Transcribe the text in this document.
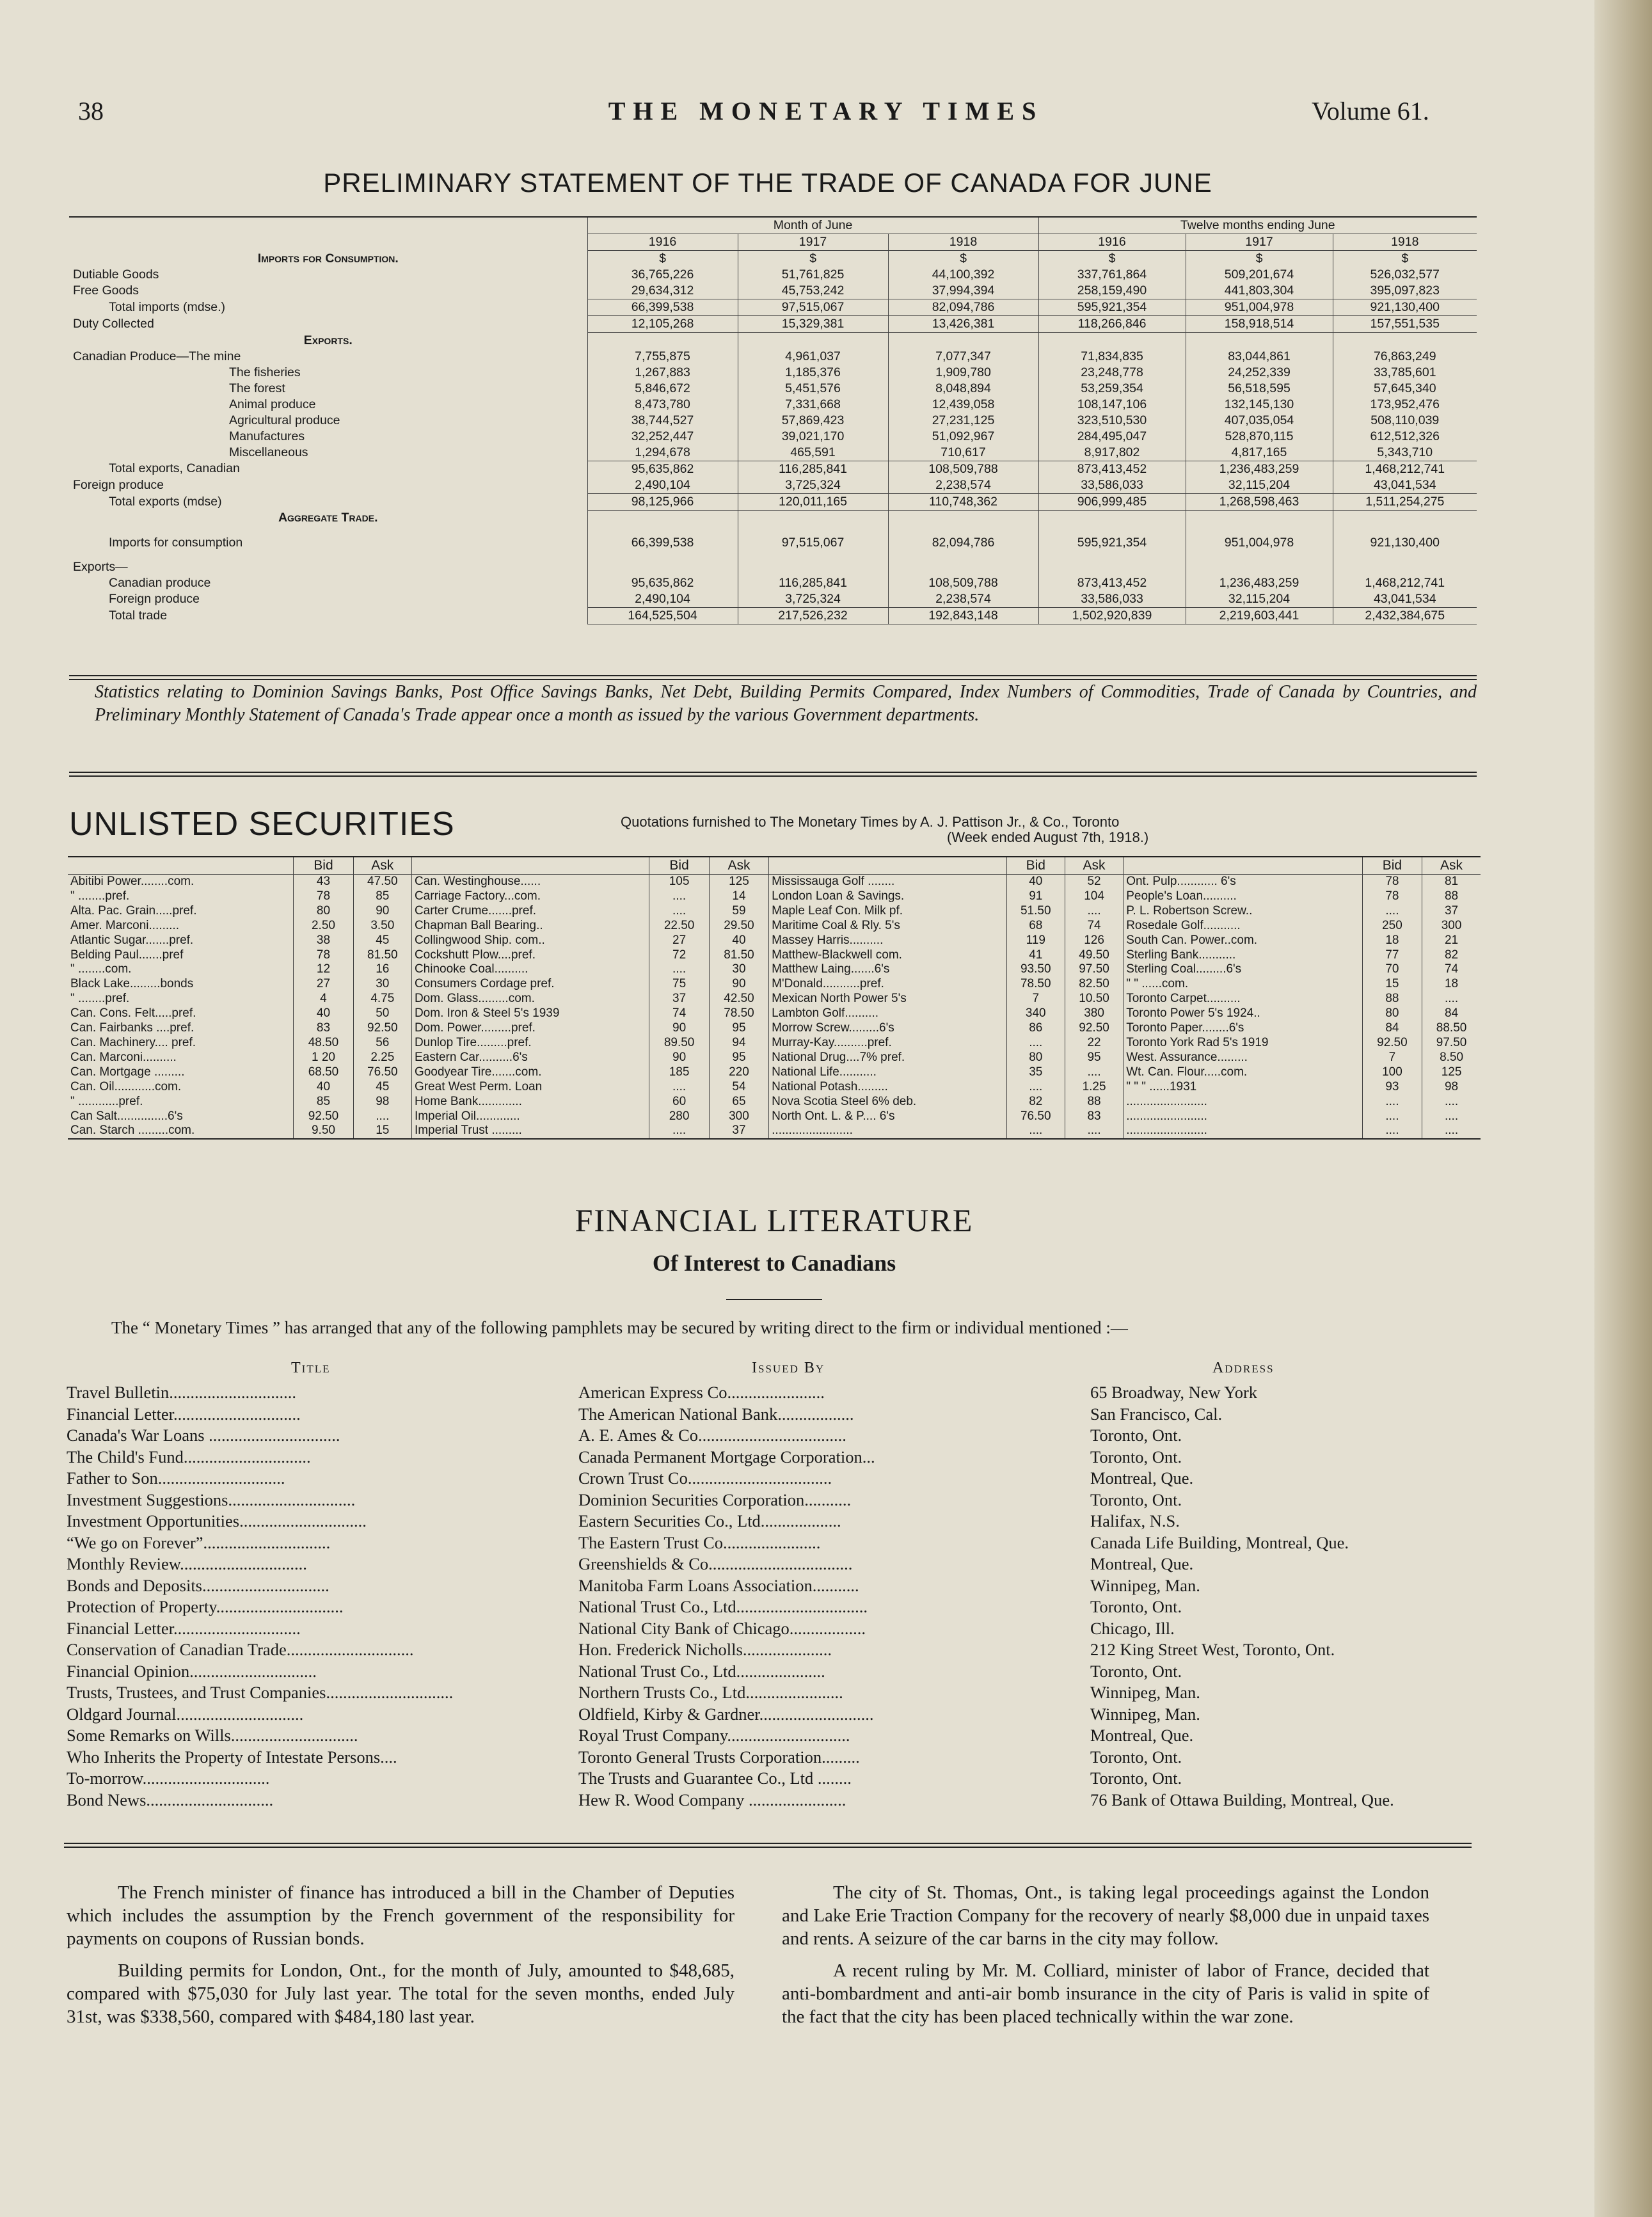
38	THE MONETARY TIMES	Volume 61.
PRELIMINARY STATEMENT OF THE TRADE OF CANADA FOR JUNE
	Month of June			Twelve months ending June		
	1916	1917	1918	1916	1917	1918
Imports for Consumption.	$	$	$	$	$	$
Dutiable Goods	36,765,226	51,761,825	44,100,392	337,761,864	509,201,674	526,032,577
Free Goods	29,634,312	45,753,242	37,994,394	258,159,490	441,803,304	395,097,823
Total imports (mdse.)	66,399,538	97,515,067	82,094,786	595,921,354	951,004,978	921,130,400
Duty Collected	12,105,268	15,329,381	13,426,381	118,266,846	158,918,514	157,551,535
Exports.						
Canadian Produce—The mine	7,755,875	4,961,037	7,077,347	71,834,835	83,044,861	76,863,249
The fisheries	1,267,883	1,185,376	1,909,780	23,248,778	24,252,339	33,785,601
The forest	5,846,672	5,451,576	8,048,894	53,259,354	56,518,595	57,645,340
Animal produce	8,473,780	7,331,668	12,439,058	108,147,106	132,145,130	173,952,476
Agricultural produce	38,744,527	57,869,423	27,231,125	323,510,530	407,035,054	508,110,039
Manufactures	32,252,447	39,021,170	51,092,967	284,495,047	528,870,115	612,512,326
Miscellaneous	1,294,678	465,591	710,617	8,917,802	4,817,165	5,343,710
Total exports, Canadian	95,635,862	116,285,841	108,509,788	873,413,452	1,236,483,259	1,468,212,741
Foreign produce	2,490,104	3,725,324	2,238,574	33,586,033	32,115,204	43,041,534
Total exports (mdse)	98,125,966	120,011,165	110,748,362	906,999,485	1,268,598,463	1,511,254,275
Aggregate Trade.						
Imports for consumption	66,399,538	97,515,067	82,094,786	595,921,354	951,004,978	921,130,400
Exports—						
Canadian produce	95,635,862	116,285,841	108,509,788	873,413,452	1,236,483,259	1,468,212,741
Foreign produce	2,490,104	3,725,324	2,238,574	33,586,033	32,115,204	43,041,534
Total trade	164,525,504	217,526,232	192,843,148	1,502,920,839	2,219,603,441	2,432,384,675
Statistics relating to Dominion Savings Banks, Post Office Savings Banks, Net Debt, Building Permits Compared, Index Numbers of Commodities, Trade of Canada by Countries, and Preliminary Monthly Statement of Canada's Trade appear once a month as issued by the various Government departments.
UNLISTED SECURITIES	Quotations furnished to The Monetary Times by A. J. Pattison Jr., & Co., Toronto
(Week ended August 7th, 1918.)
	Bid	Ask		Bid	Ask		Bid	Ask		Bid	Ask
Abitibi Power........com.	43	47.50	Can. Westinghouse......	105	125	Mississauga Golf ........	40	52	Ont. Pulp............ 6's	78	81
" ........pref.	78	85	Carriage Factory...com.	....	14	London Loan & Savings.	91	104	People's Loan..........	78	88
Alta. Pac. Grain.....pref.	80	90	Carter Crume.......pref.	....	59	Maple Leaf Con. Milk pf.	51.50	....	P. L. Robertson Screw..	....	37
Amer. Marconi.........	2.50	3.50	Chapman Ball Bearing..	22.50	29.50	Maritime Coal & Rly. 5's	68	74	Rosedale Golf...........	250	300
Atlantic Sugar.......pref.	38	45	Collingwood Ship. com..	27	40	Massey Harris..........	119	126	South Can. Power..com.	18	21
Belding Paul.......pref	78	81.50	Cockshutt Plow....pref.	72	81.50	Matthew-Blackwell com.	41	49.50	Sterling Bank...........	77	82
" ........com.	12	16	Chinooke Coal..........	....	30	Matthew Laing.......6's	93.50	97.50	Sterling Coal.........6's	70	74
Black Lake.........bonds	27	30	Consumers Cordage pref.	75	90	M'Donald...........pref.	78.50	82.50	" " ......com.	15	18
" ........pref.	4	4.75	Dom. Glass.........com.	37	42.50	Mexican North Power 5's	7	10.50	Toronto Carpet..........	88	....
Can. Cons. Felt.....pref.	40	50	Dom. Iron & Steel 5's 1939	74	78.50	Lambton Golf..........	340	380	Toronto Power 5's 1924..	80	84
Can. Fairbanks ....pref.	83	92.50	Dom. Power.........pref.	90	95	Morrow Screw.........6's	86	92.50	Toronto Paper........6's	84	88.50
Can. Machinery.... pref.	48.50	56	Dunlop Tire.........pref.	89.50	94	Murray-Kay..........pref.	....	22	Toronto York Rad 5's 1919	92.50	97.50
Can. Marconi..........	1 20	2.25	Eastern Car..........6's	90	95	National Drug....7% pref.	80	95	West. Assurance.........	7	8.50
Can. Mortgage .........	68.50	76.50	Goodyear Tire.......com.	185	220	National Life...........	35	....	Wt. Can. Flour.....com.	100	125
Can. Oil............com.	40	45	Great West Perm. Loan	....	54	National Potash.........	....	1.25	" " " ......1931	93	98
" ............pref.	85	98	Home Bank.............	60	65	Nova Scotia Steel 6% deb.	82	88	........................	....	....
Can Salt...............6's	92.50	....	Imperial Oil.............	280	300	North Ont. L. & P.... 6's	76.50	83	........................	....	....
Can. Starch .........com.	9.50	15	Imperial Trust .........	....	37	........................	....	....	........................	....	....
FINANCIAL LITERATURE
Of Interest to Canadians
The “ Monetary Times ” has arranged that any of the following pamphlets may be secured by writing direct to the firm or individual mentioned :—
Title	Issued By	Address
Travel Bulletin..............................	American Express Co.......................	65 Broadway, New York
Financial Letter..............................	The American National Bank..................	San Francisco, Cal.
Canada's War Loans ...............................	A. E. Ames & Co...................................	Toronto, Ont.
The Child's Fund..............................	Canada Permanent Mortgage Corporation...	Toronto, Ont.
Father to Son..............................	Crown Trust Co..................................	Montreal, Que.
Investment Suggestions..............................	Dominion Securities Corporation...........	Toronto, Ont.
Investment Opportunities..............................	Eastern Securities Co., Ltd...................	Halifax, N.S.
“We go on Forever”..............................	The Eastern Trust Co.......................	Canada Life Building, Montreal, Que.
Monthly Review..............................	Greenshields & Co..................................	Montreal, Que.
Bonds and Deposits..............................	Manitoba Farm Loans Association...........	Winnipeg, Man.
Protection of Property..............................	National Trust Co., Ltd...............................	Toronto, Ont.
Financial Letter..............................	National City Bank of Chicago..................	Chicago, Ill.
Conservation of Canadian Trade..............................	Hon. Frederick Nicholls.....................	212 King Street West, Toronto, Ont.
Financial Opinion..............................	National Trust Co., Ltd.....................	Toronto, Ont.
Trusts, Trustees, and Trust Companies..............................	Northern Trusts Co., Ltd.......................	Winnipeg, Man.
Oldgard Journal..............................	Oldfield, Kirby & Gardner...........................	Winnipeg, Man.
Some Remarks on Wills..............................	Royal Trust Company.............................	Montreal, Que.
Who Inherits the Property of Intestate Persons....	Toronto General Trusts Corporation.........	Toronto, Ont.
To-morrow..............................	The Trusts and Guarantee Co., Ltd ........	Toronto, Ont.
Bond News..............................	Hew R. Wood Company .......................	76 Bank of Ottawa Building, Montreal, Que.

The French minister of finance has introduced a bill in the Chamber of Deputies which includes the assumption by the French government of the responsibility for payments on coupons of Russian bonds.

Building permits for London, Ont., for the month of July, amounted to $48,685, compared with $75,030 for July last year. The total for the seven months, ended July 31st, was $338,560, compared with $484,180 last year.

The city of St. Thomas, Ont., is taking legal proceedings against the London and Lake Erie Traction Company for the recovery of nearly $8,000 due in unpaid taxes and rents. A seizure of the car barns in the city may follow.

A recent ruling by Mr. M. Colliard, minister of labor of France, decided that anti-bombardment and anti-air bomb insurance in the city of Paris is valid in spite of the fact that the city has been placed technically within the war zone.
